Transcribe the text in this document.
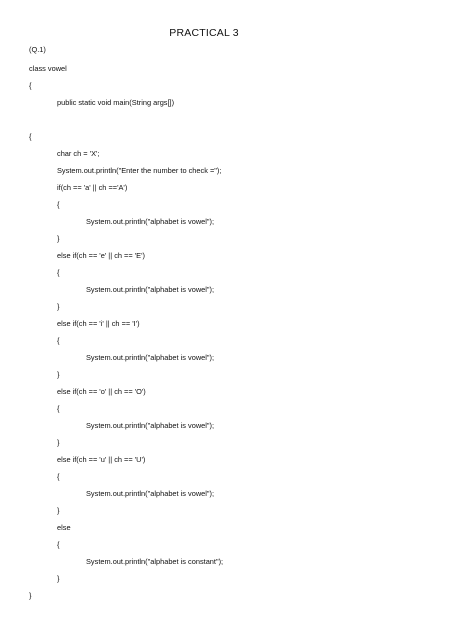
PRACTICAL 3
(Q.1)
class vowel
{
public static void main(String args[])
{
char ch = 'X';
System.out.println("Enter the number to check =");
if(ch == 'a' || ch =='A')
{
System.out.println("alphabet is vowel");
}
else if(ch == 'e' || ch == 'E')
{
System.out.println("alphabet is vowel");
}
else if(ch == 'i' || ch == 'I')
{
System.out.println("alphabet is vowel");
}
else if(ch == 'o' || ch == 'O')
{
System.out.println("alphabet is vowel");
}
else if(ch == 'u' || ch == 'U')
{
System.out.println("alphabet is vowel");
}
else
{
System.out.println("alphabet is constant");
}
}
